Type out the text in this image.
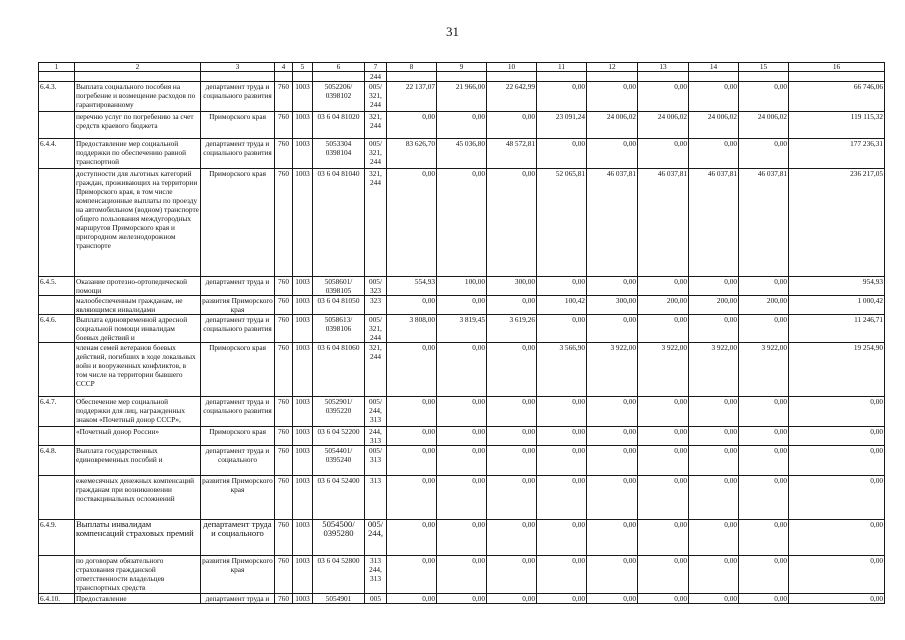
31
1	2	3	4	5	6	7	8	9	10	11	12	13	14	15	16
						244									
6.4.3.	Выплата социального пособия на погребение и возмещение расходов по гарантированному	департамент труда и социального развития	760	1003	5052206/ 0398102	005/ 321, 244	22 137,07	21 966,00	22 642,99	0,00	0,00	0,00	0,00	0,00	66 746,06
	перечню услуг по погребению за счет средств краевого бюджета	Приморского края	760	1003	03 6 04 81020	321, 244	0,00	0,00	0,00	23 091,24	24 006,02	24 006,02	24 006,02	24 006,02	119 115,32
6.4.4.	Предоставление мер социальной поддержки по обеспечению равной транспортной	департамент труда и социального развития	760	1003	5053304 0398104	005/ 321, 244	83 626,70	45 036,80	48 572,81	0,00	0,00	0,00	0,00	0,00	177 236,31
	доступности для льготных категорий граждан, проживающих на территории Приморского края, в том числе компенсационные выплаты по проезду на автомобильном (водном) транспорте общего пользования междугородных маршрутов Приморского края и пригородном железнодорожном транспорте	Приморского края	760	1003	03 6 04 81040	321, 244	0,00	0,00	0,00	52 065,81	46 037,81	46 037,81	46 037,81	46 037,81	236 217,05
6.4.5.	Оказание протезно-ортопедической помощи	департамент труда и	760	1003	5058601/ 0398105	005/ 323	554,93	100,00	300,00	0,00	0,00	0,00	0,00	0,00	954,93
	малообеспеченным гражданам, не являющимся инвалидами	развития Приморского края	760	1003	03 6 04 81050	323	0,00	0,00	0,00	100,42	300,00	200,00	200,00	200,00	1 000,42
6.4.6.	Выплата единовременной адресной социальной помощи инвалидам боевых действий и	департамент труда и социального развития	760	1003	5058613/ 0398106	005/ 321, 244	3 808,00	3 819,45	3 619,26	0,00	0,00	0,00	0,00	0,00	11 246,71
	членам семей ветеранов боевых действий, погибших в ходе локальных войн и вооруженных конфликтов, в том числе на территории бывшего СССР	Приморского края	760	1003	03 6 04 81060	321, 244	0,00	0,00	0,00	3 566,90	3 922,00	3 922,00	3 922,00	3 922,00	19 254,90
6.4.7.	Обеспечение мер социальной поддержки для лиц, награжденных знаком «Почетный донор СССР»,	департамент труда и социального развития	760	1003	5052901/ 0395220	005/ 244, 313	0,00	0,00	0,00	0,00	0,00	0,00	0,00	0,00	0,00
	«Почетный донор России»	Приморского края	760	1003	03 6 04 52200	244, 313	0,00	0,00	0,00	0,00	0,00	0,00	0,00	0,00	0,00
6.4.8.	Выплата государственных единовременных пособий и	департамент труда и социального	760	1003	5054401/ 0395240	005/ 313	0,00	0,00	0,00	0,00	0,00	0,00	0,00	0,00	0,00
	ежемесячных денежных компенсаций гражданам при возникновении поствакцинальных осложнений	развития Приморского края	760	1003	03 6 04 52400	313	0,00	0,00	0,00	0,00	0,00	0,00	0,00	0,00	0,00
6.4.9.	Выплаты инвалидам компенсаций страховых премий	департамент труда и социального	760	1003	5054500/ 0395280	005/ 244,	0,00	0,00	0,00	0,00	0,00	0,00	0,00	0,00	0,00
	по договорам обязательного страхования гражданской ответственности владельцев транспортных средств	развития Приморского края	760	1003	03 6 04 52800	313 244, 313	0,00	0,00	0,00	0,00	0,00	0,00	0,00	0,00	0,00
6.4.10.	Предоставление	департамент труда и	760	1003	5054901	005	0,00	0,00	0,00	0,00	0,00	0,00	0,00	0,00	0,00
